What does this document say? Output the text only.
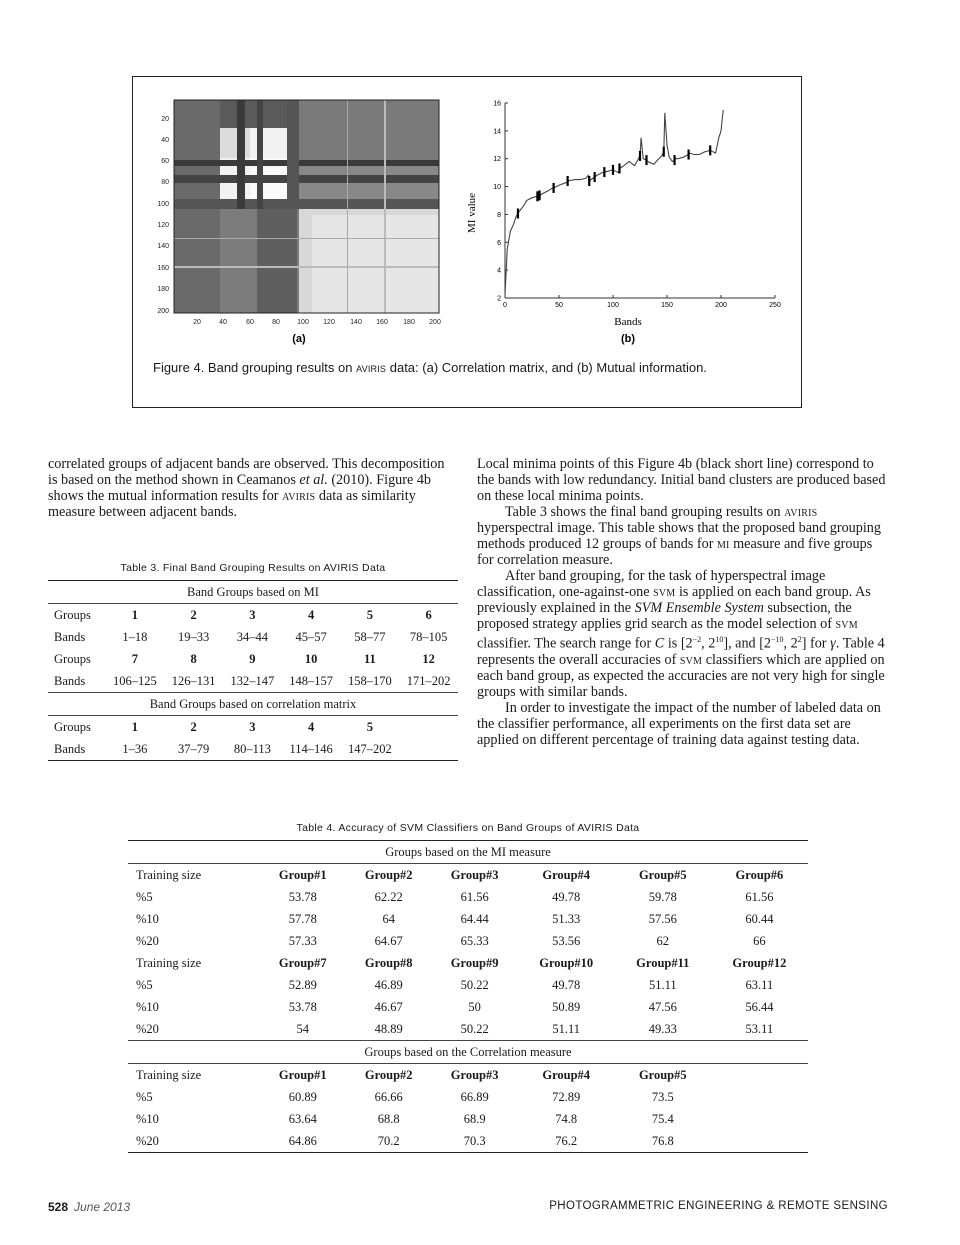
20
40
60
80
100
120
140
160
180
200
20	40	60	80 100 120 140 160 180 200
(a)
16
14
12
10
8
6
4
2
0	50	100	150	200	250
Bands
MI value
(b)
Figure 4. Band grouping results on aviris data: (a) Correlation matrix, and (b) Mutual information.

correlated groups of adjacent bands are observed. This decomposition is based on the method shown in Ceamanos et al. (2010). Figure 4b shows the mutual information results for aviris data as similarity measure between adjacent bands.

Table 3. Final Band Grouping Results on AVIRIS Data
Band Groups based on MI						
Groups	1	2	3	4	5	6
Bands	1–18	19–33	34–44	45–57	58–77	78–105
Groups	7	8	9	10	11	12
Bands	106–125	126–131	132–147	148–157	158–170	171–202
Band Groups based on correlation matrix						
Groups	1	2	3	4	5	
Bands	1–36	37–79	80–113	114–146	147–202	

Local minima points of this Figure 4b (black short line) correspond to the bands with low redundancy. Initial band clusters are produced based on these local minima points.

Table 3 shows the final band grouping results on aviris hyperspectral image. This table shows that the proposed band grouping methods produced 12 groups of bands for mi measure and five groups for correlation measure.

After band grouping, for the task of hyperspectral image classification, one-against-one svm is applied on each band group. As previously explained in the SVM Ensemble System subsection, the proposed strategy applies grid search as the model selection of svm classifier. The search range for C is [$2^{-2}$, $2^{10}$], and [$2^{-10}$, $2^2$] for γ. Table 4 represents the overall accuracies of svm classifiers which are applied on each band group, as expected the accuracies are not very high for single groups with similar bands.

In order to investigate the impact of the number of labeled data on the classifier performance, all experiments on the first data set are applied on different percentage of training data against testing data.

Table 4. Accuracy of SVM Classifiers on Band Groups of AVIRIS Data
Groups based on the MI measure						
Training size	Group#1	Group#2	Group#3	Group#4	Group#5	Group#6
%5	53.78	62.22	61.56	49.78	59.78	61.56
%10	57.78	64	64.44	51.33	57.56	60.44
%20	57.33	64.67	65.33	53.56	62	66
Training size	Group#7	Group#8	Group#9	Group#10	Group#11	Group#12
%5	52.89	46.89	50.22	49.78	51.11	63.11
%10	53.78	46.67	50	50.89	47.56	56.44
%20	54	48.89	50.22	51.11	49.33	53.11
Groups based on the Correlation measure						
Training size	Group#1	Group#2	Group#3	Group#4	Group#5	
%5	60.89	66.66	66.89	72.89	73.5	
%10	63.64	68.8	68.9	74.8	75.4	
%20	64.86	70.2	70.3	76.2	76.8	
528 June 2013	PHOTOGRAMMETRIC ENGINEERING & REMOTE SENSING
